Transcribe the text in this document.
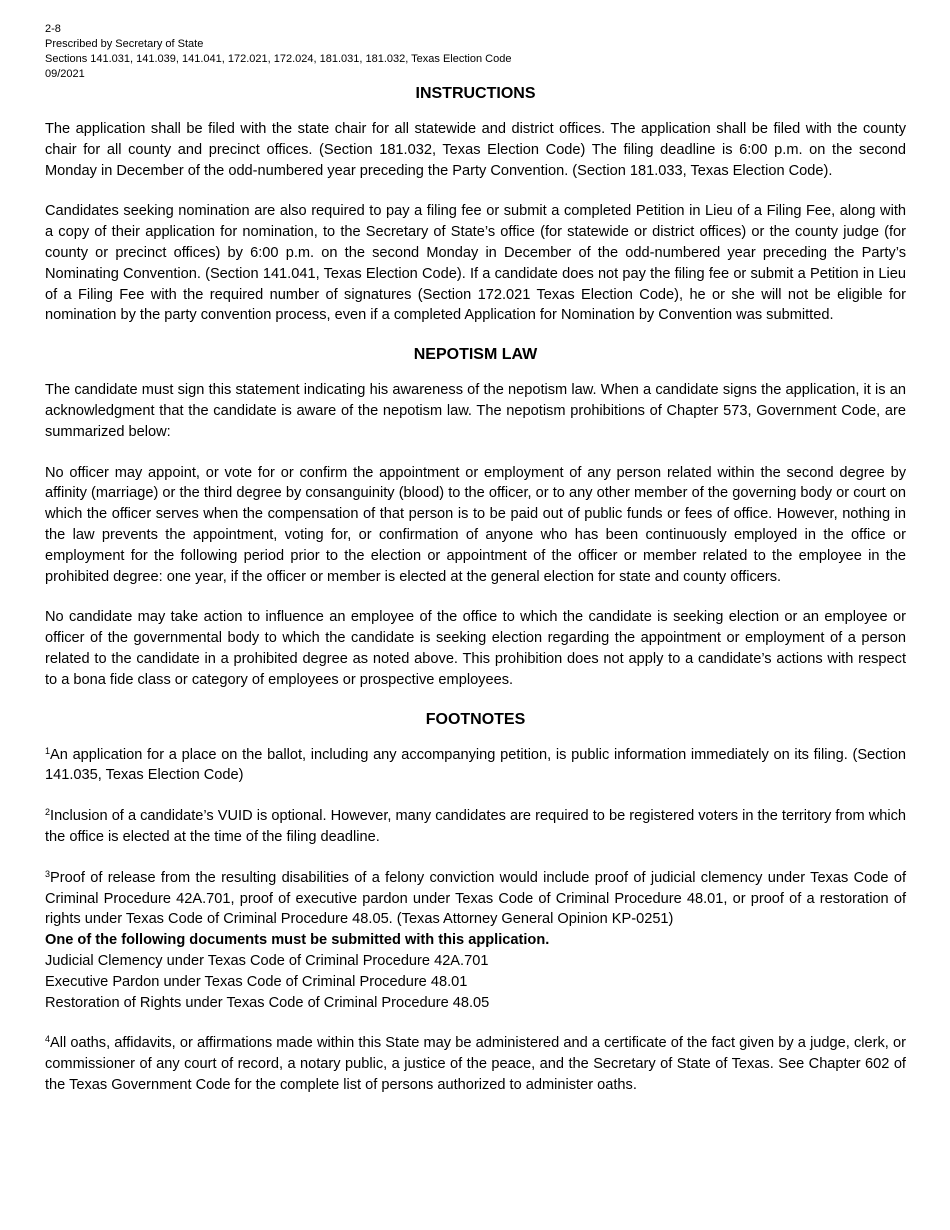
2-8
Prescribed by Secretary of State
Sections 141.031, 141.039, 141.041, 172.021, 172.024, 181.031, 181.032, Texas Election Code
09/2021
INSTRUCTIONS

The application shall be filed with the state chair for all statewide and district offices. The application shall be filed with the county chair for all county and precinct offices. (Section 181.032, Texas Election Code) The filing deadline is 6:00 p.m. on the second Monday in December of the odd-numbered year preceding the Party Convention. (Section 181.033, Texas Election Code).

Candidates seeking nomination are also required to pay a filing fee or submit a completed Petition in Lieu of a Filing Fee, along with a copy of their application for nomination, to the Secretary of State’s office (for statewide or district offices) or the county judge (for county or precinct offices) by 6:00 p.m. on the second Monday in December of the odd-numbered year preceding the Party’s Nominating Convention. (Section 141.041, Texas Election Code). If a candidate does not pay the filing fee or submit a Petition in Lieu of a Filing Fee with the required number of signatures (Section 172.021 Texas Election Code), he or she will not be eligible for nomination by the party convention process, even if a completed Application for Nomination by Convention was submitted.

NEPOTISM LAW

The candidate must sign this statement indicating his awareness of the nepotism law. When a candidate signs the application, it is an acknowledgment that the candidate is aware of the nepotism law. The nepotism prohibitions of Chapter 573, Government Code, are summarized below:

No officer may appoint, or vote for or confirm the appointment or employment of any person related within the second degree by affinity (marriage) or the third degree by consanguinity (blood) to the officer, or to any other member of the governing body or court on which the officer serves when the compensation of that person is to be paid out of public funds or fees of office. However, nothing in the law prevents the appointment, voting for, or confirmation of anyone who has been continuously employed in the office or employment for the following period prior to the election or appointment of the officer or member related to the employee in the prohibited degree: one year, if the officer or member is elected at the general election for state and county officers.

No candidate may take action to influence an employee of the office to which the candidate is seeking election or an employee or officer of the governmental body to which the candidate is seeking election regarding the appointment or employment of a person related to the candidate in a prohibited degree as noted above. This prohibition does not apply to a candidate’s actions with respect to a bona fide class or category of employees or prospective employees.

FOOTNOTES

$^1$An application for a place on the ballot, including any accompanying petition, is public information immediately on its filing. (Section 141.035, Texas Election Code)

$^2$Inclusion of a candidate’s VUID is optional. However, many candidates are required to be registered voters in the territory from which the office is elected at the time of the filing deadline.

$^3$Proof of release from the resulting disabilities of a felony conviction would include proof of judicial clemency under Texas Code of Criminal Procedure 42A.701, proof of executive pardon under Texas Code of Criminal Procedure 48.01, or proof of a restoration of rights under Texas Code of Criminal Procedure 48.05. (Texas Attorney General Opinion KP-0251)

One of the following documents must be submitted with this application.
Judicial Clemency under Texas Code of Criminal Procedure 42A.701
Executive Pardon under Texas Code of Criminal Procedure 48.01
Restoration of Rights under Texas Code of Criminal Procedure 48.05

$^4$All oaths, affidavits, or affirmations made within this State may be administered and a certificate of the fact given by a judge, clerk, or commissioner of any court of record, a notary public, a justice of the peace, and the Secretary of State of Texas. See Chapter 602 of the Texas Government Code for the complete list of persons authorized to administer oaths.
